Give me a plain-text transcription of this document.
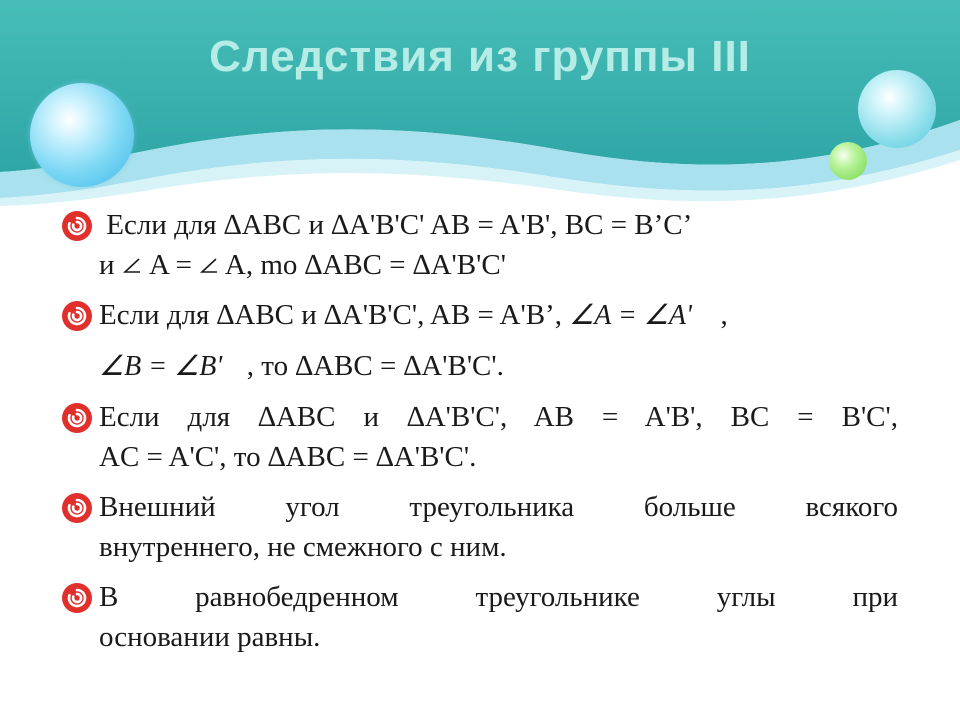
Следствия из группы III
Если для ∆ABC и ∆A'B'C' AB = A'B', BC = B’C’
и  A = A, mo ∆ABC = ∆A'B'C'
Если для ∆ABC и ∆A'B'C', AB = A'B’, ∠A = ∠A' ,
∠B = ∠B' , то ∆ABC = ∆A'B'C'.
Если для ∆ABC и ∆A'B'C', AB = A'B', BC = B'C',
AC = A'C', то ∆ABC = ∆A'B'C'.
Внешний угол треугольника больше всякого
внутреннего, не смежного с ним.
В равнобедренном треугольнике углы при
основании равны.
